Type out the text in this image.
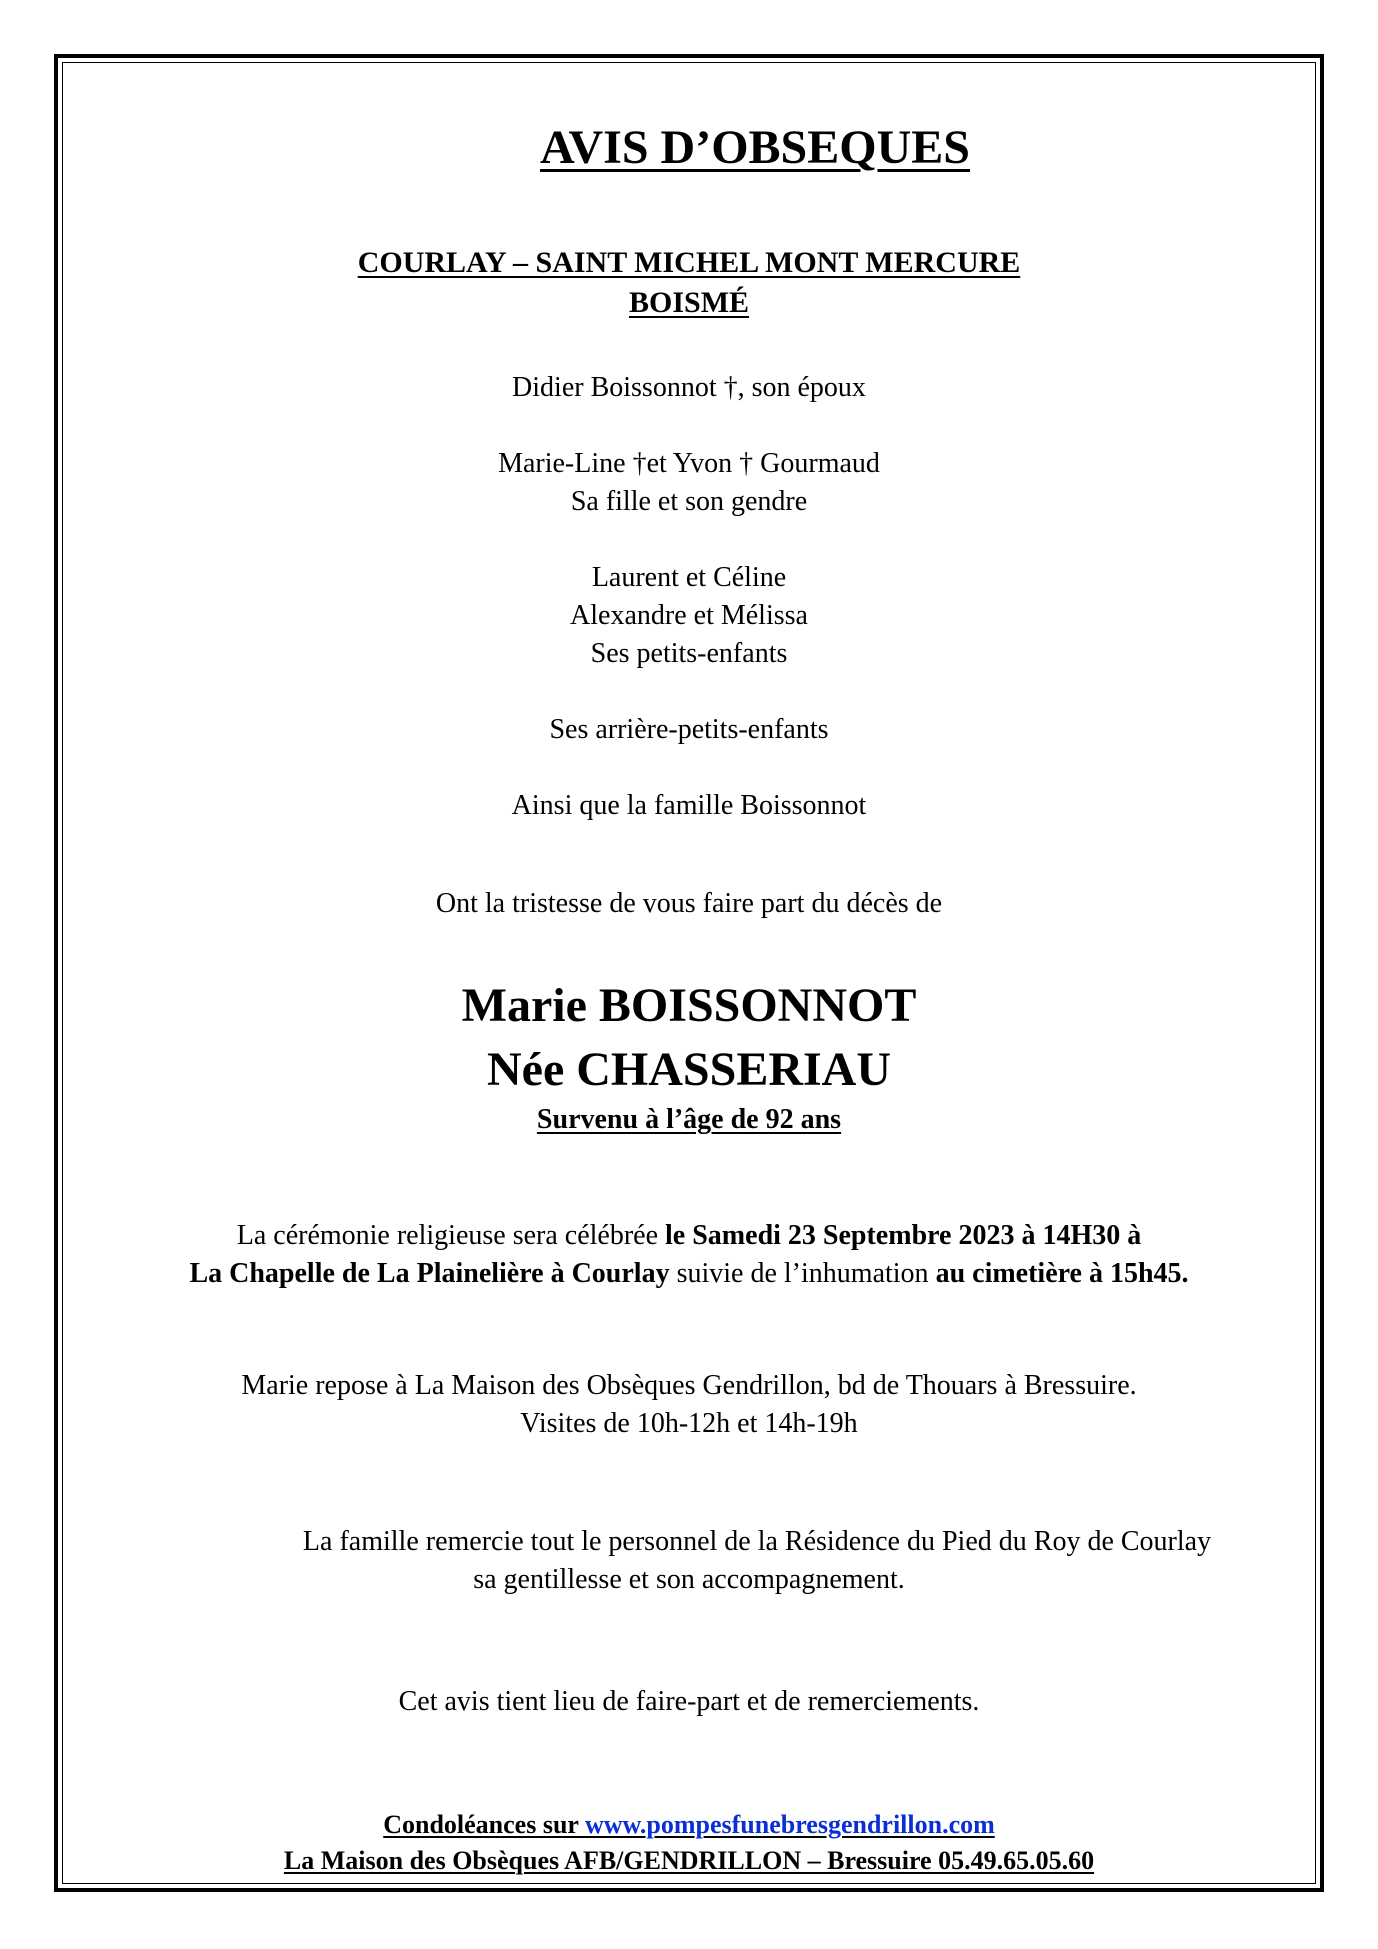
AVIS D’OBSEQUES
COURLAY – SAINT MICHEL MONT MERCURE
BOISMÉ
Didier Boissonnot †, son époux
Marie-Line †et Yvon † Gourmaud
Sa fille et son gendre
Laurent et Céline
Alexandre et Mélissa
Ses petits-enfants
Ses arrière-petits-enfants
Ainsi que la famille Boissonnot
Ont la tristesse de vous faire part du décès de
Marie BOISSONNOT
Née CHASSERIAU
Survenu à l’âge de 92 ans
La cérémonie religieuse sera célébrée le Samedi 23 Septembre 2023 à 14H30 à
La Chapelle de La Plainelière à Courlay suivie de l’inhumation au cimetière à 15h45.
Marie repose à La Maison des Obsèques Gendrillon, bd de Thouars à Bressuire.
Visites de 10h-12h et 14h-19h
La famille remercie tout le personnel de la Résidence du Pied du Roy de Courlay
sa gentillesse et son accompagnement.
Cet avis tient lieu de faire-part et de remerciements.
Condoléances sur www.pompesfunebresgendrillon.com
La Maison des Obsèques AFB/GENDRILLON – Bressuire 05.49.65.05.60
